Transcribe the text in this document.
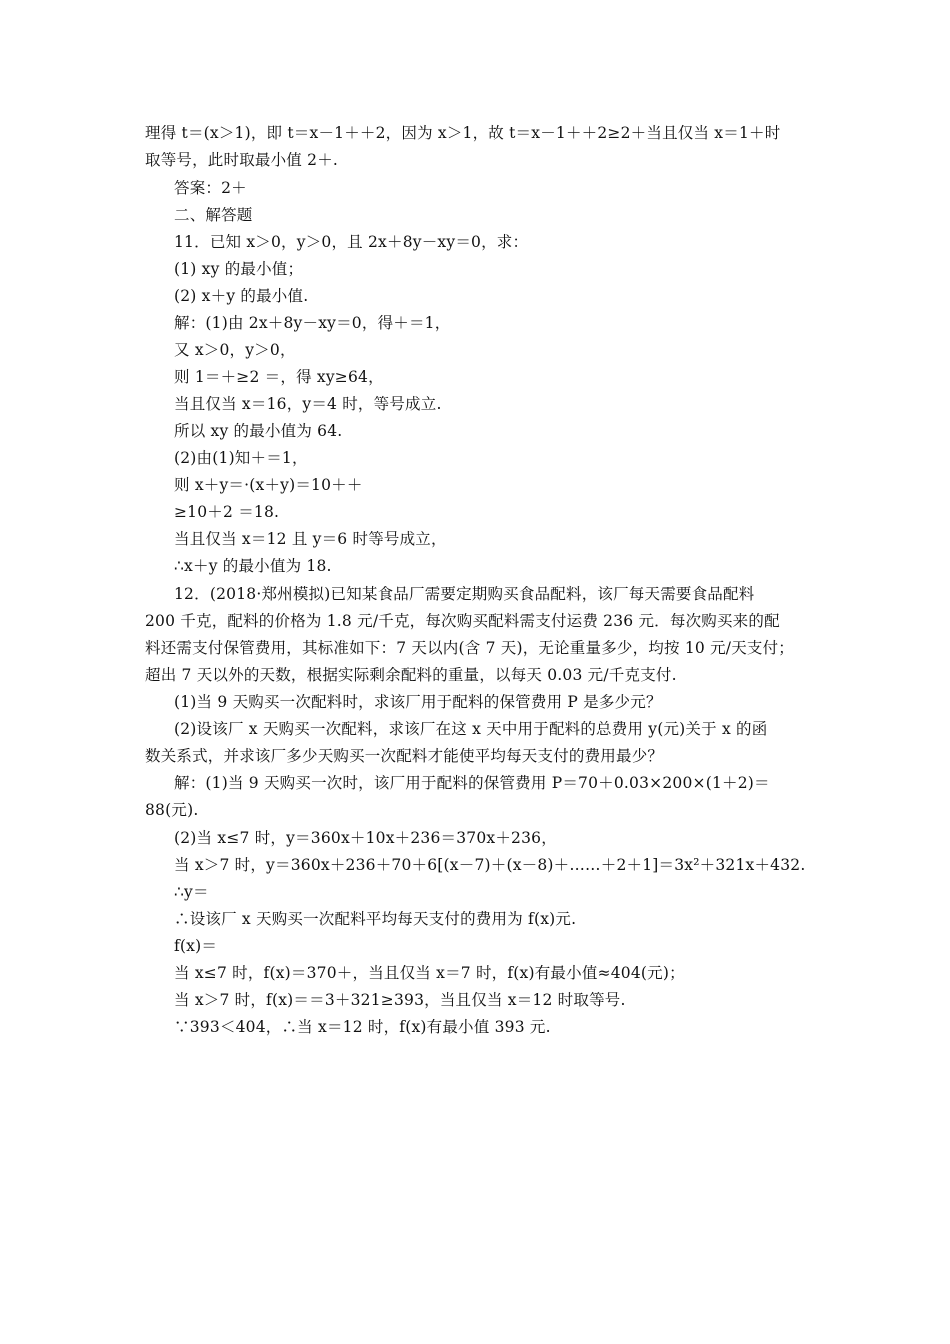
理得 t＝(x＞1)，即 t＝x－1＋＋2，因为 x＞1，故 t＝x－1＋＋2≥2＋当且仅当 x＝1＋时
取等号，此时取最小值 2＋.
答案：2＋
二、解答题
11．已知 x＞0，y＞0，且 2x＋8y－xy＝0，求：
(1) xy 的最小值；
(2) x＋y 的最小值.
解：(1)由 2x＋8y－xy＝0，得＋＝1，
又 x＞0，y＞0，
则 1＝＋≥2 ＝，得 xy≥64，
当且仅当 x＝16，y＝4 时，等号成立.
所以 xy 的最小值为 64.
(2)由(1)知＋＝1，
则 x＋y＝·(x＋y)＝10＋＋
≥10＋2 ＝18.
当且仅当 x＝12 且 y＝6 时等号成立，
∴x＋y 的最小值为 18.
12．(2018·郑州模拟)已知某食品厂需要定期购买食品配料，该厂每天需要食品配料
200 千克，配料的价格为 1.8 元/千克，每次购买配料需支付运费 236 元．每次购买来的配
料还需支付保管费用，其标准如下：7 天以内(含 7 天)，无论重量多少，均按 10 元/天支付；
超出 7 天以外的天数，根据实际剩余配料的重量，以每天 0.03 元/千克支付.
(1)当 9 天购买一次配料时，求该厂用于配料的保管费用 P 是多少元？
(2)设该厂 x 天购买一次配料，求该厂在这 x 天中用于配料的总费用 y(元)关于 x 的函
数关系式，并求该厂多少天购买一次配料才能使平均每天支付的费用最少？
解：(1)当 9 天购买一次时，该厂用于配料的保管费用 P＝70＋0.03×200×(1＋2)＝
88(元).
(2)当 x≤7 时，y＝360x＋10x＋236＝370x＋236，
当 x＞7 时，y＝360x＋236＋70＋6[(x－7)＋(x－8)＋……＋2＋1]＝3x²＋321x＋432.
∴y＝
∴设该厂 x 天购买一次配料平均每天支付的费用为 f(x)元.
f(x)＝
当 x≤7 时，f(x)＝370＋，当且仅当 x＝7 时，f(x)有最小值≈404(元)；
当 x＞7 时，f(x)＝＝3＋321≥393，当且仅当 x＝12 时取等号.
∵393＜404，∴当 x＝12 时，f(x)有最小值 393 元.
